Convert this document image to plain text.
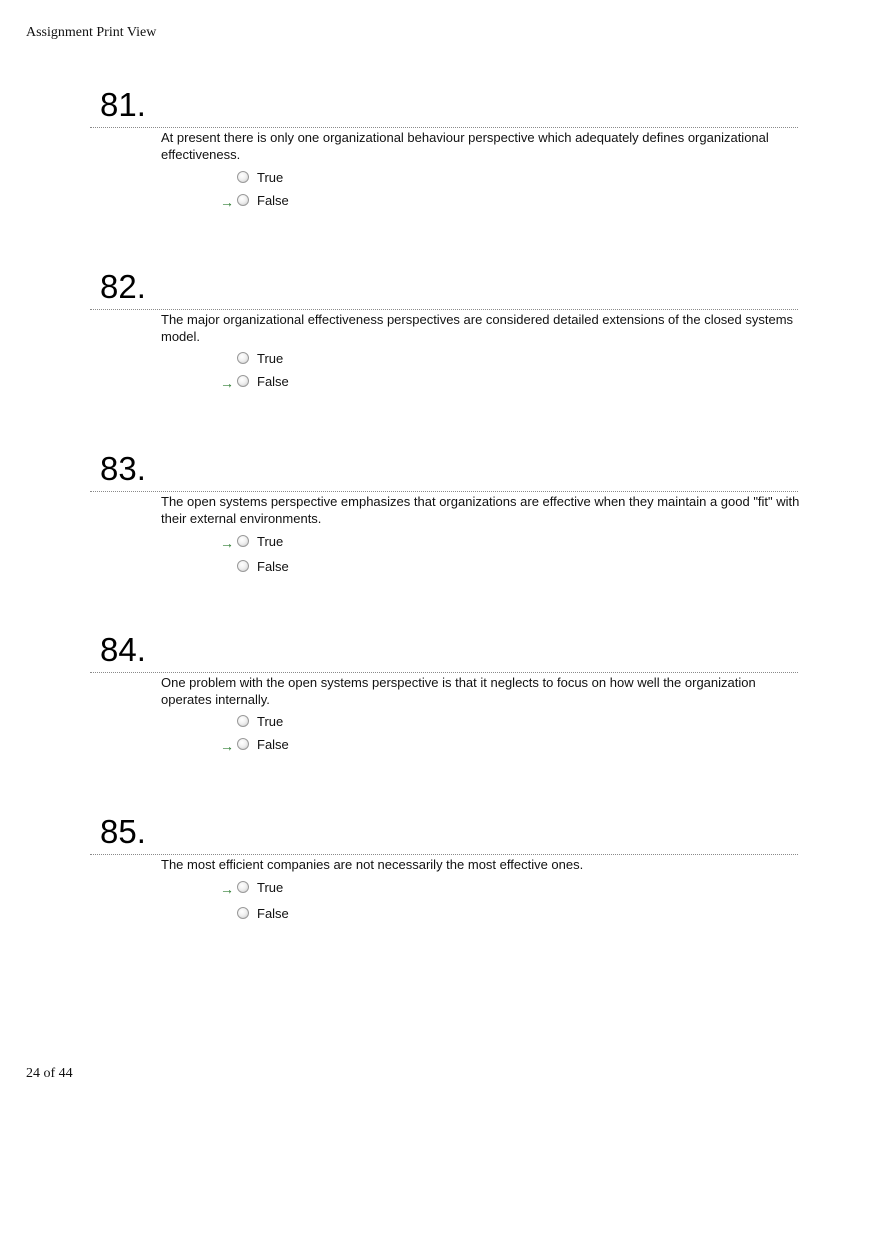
Assignment Print View
81.
At present there is only one organizational behaviour perspective which adequately defines organizational effectiveness.
True
→ False
82.
The major organizational effectiveness perspectives are considered detailed extensions of the closed systems model.
True
→ False
83.
The open systems perspective emphasizes that organizations are effective when they maintain a good "fit" with their external environments.
→ True
False
84.
One problem with the open systems perspective is that it neglects to focus on how well the organization operates internally.
True
→ False
85.
The most efficient companies are not necessarily the most effective ones.
→ True
False
24 of 44
